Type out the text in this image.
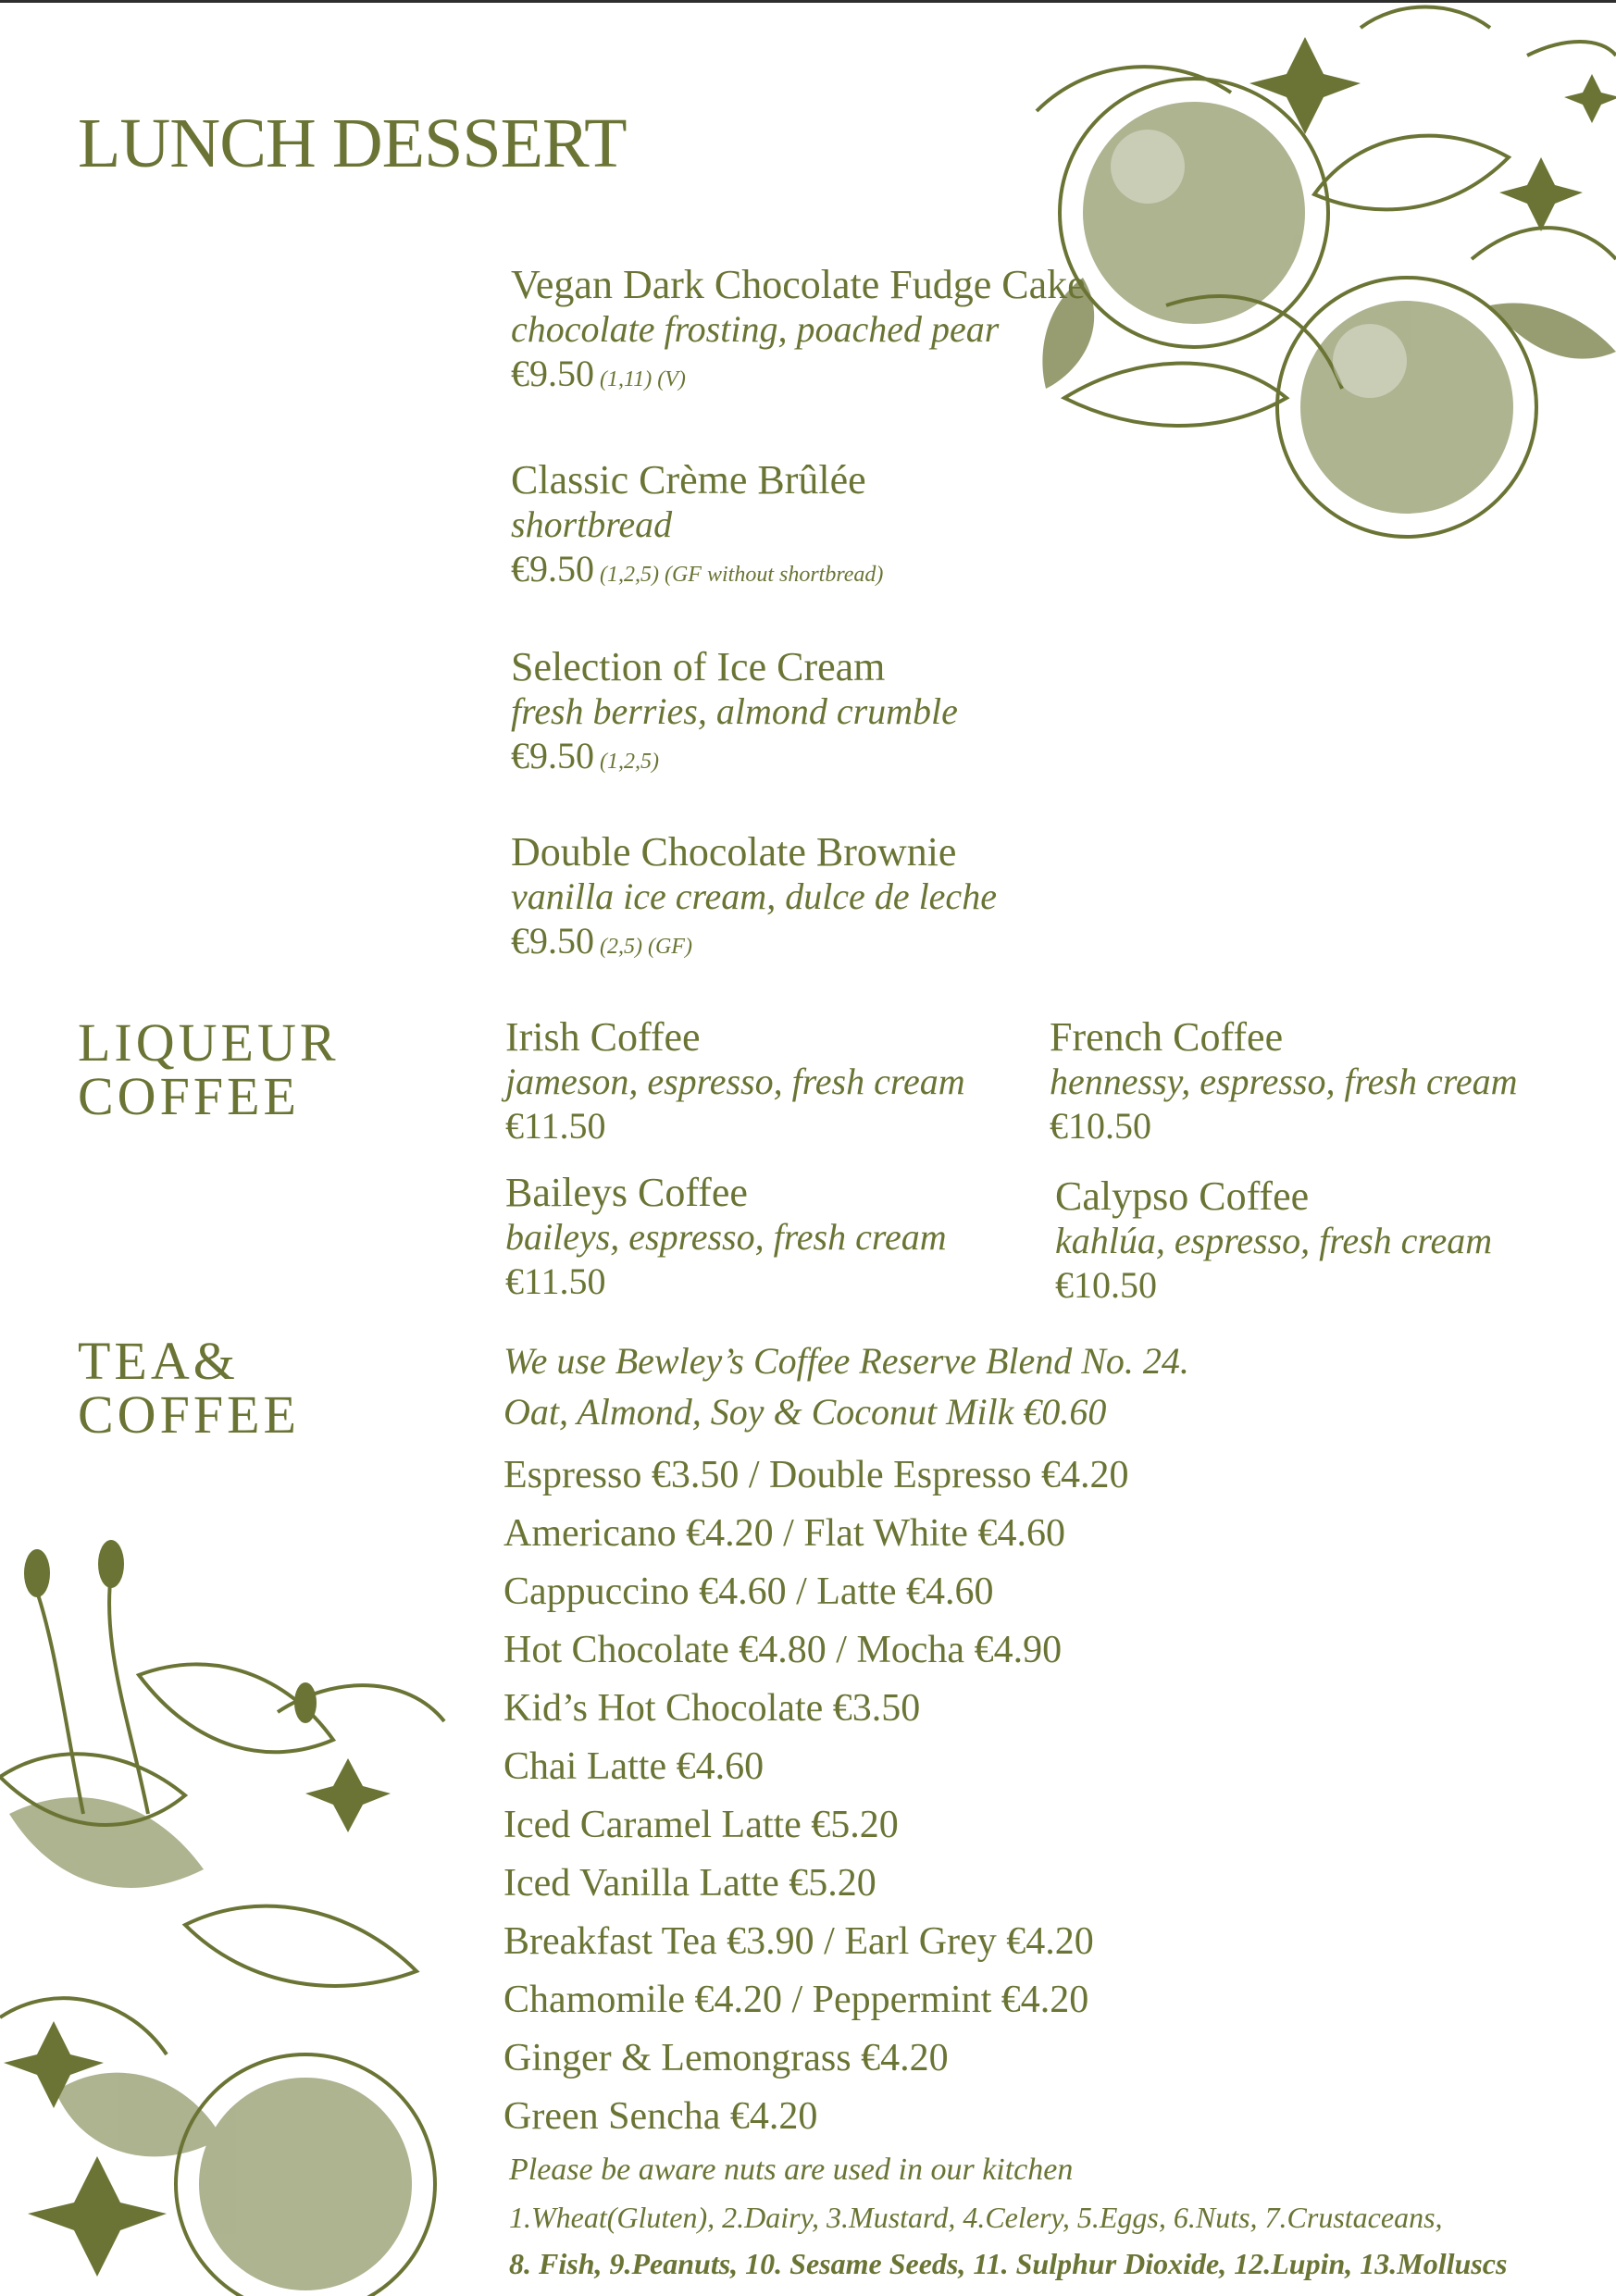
LUNCH DESSERT
Vegan Dark Chocolate Fudge Cake
chocolate frosting, poached pear
€9.50 (1,11) (V)
Classic Crème Brûlée
shortbread
€9.50 (1,2,5) (GF without shortbread)
Selection of Ice Cream
fresh berries, almond crumble
€9.50 (1,2,5)
Double Chocolate Brownie
vanilla ice cream, dulce de leche
€9.50 (2,5) (GF)
LIQUEUR
COFFEE
Irish Coffee
jameson, espresso, fresh cream
€11.50
French Coffee
hennessy, espresso, fresh cream
€10.50
Baileys Coffee
baileys, espresso, fresh cream
€11.50
Calypso Coffee
kahlúa, espresso, fresh cream
€10.50
TEA&
COFFEE
We use Bewley’s Coffee Reserve Blend No. 24.
Oat, Almond, Soy & Coconut Milk €0.60
Espresso €3.50 / Double Espresso €4.20
Americano €4.20 / Flat White €4.60
Cappuccino €4.60 / Latte €4.60
Hot Chocolate €4.80 / Mocha €4.90
Kid’s Hot Chocolate €3.50
Chai Latte €4.60
Iced Caramel Latte €5.20
Iced Vanilla Latte €5.20
Breakfast Tea €3.90 / Earl Grey €4.20
Chamomile €4.20 / Peppermint €4.20
Ginger & Lemongrass €4.20
Green Sencha €4.20
Please be aware nuts are used in our kitchen
1.Wheat(Gluten), 2.Dairy, 3.Mustard, 4.Celery, 5.Eggs, 6.Nuts, 7.Crustaceans,
8. Fish, 9.Peanuts, 10. Sesame Seeds, 11. Sulphur Dioxide, 12.Lupin, 13.Molluscs
